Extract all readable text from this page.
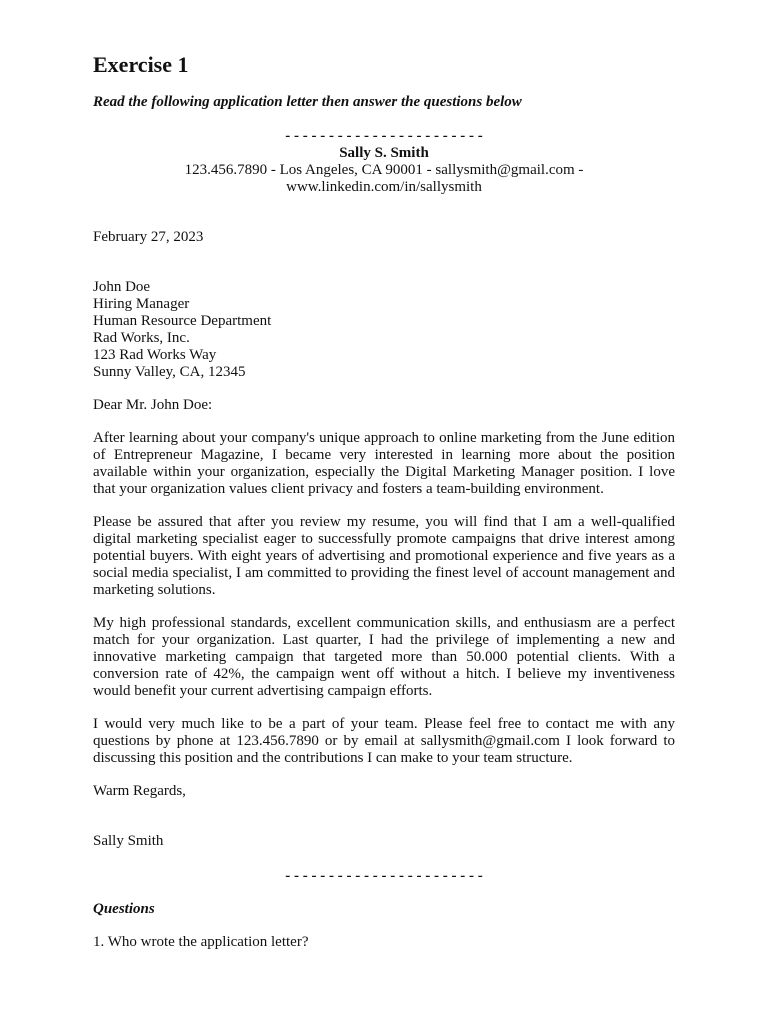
Exercise 1

Read the following application letter then answer the questions below

- - - - - - - - - - - - - - - - - - - - - - -
Sally S. Smith
123.456.7890 - Los Angeles, CA 90001 - sallysmith@gmail.com -
www.linkedin.com/in/sallysmith

February 27, 2023

John Doe
Hiring Manager
Human Resource Department
Rad Works, Inc.
123 Rad Works Way
Sunny Valley, CA, 12345

Dear Mr. John Doe:

After learning about your company's unique approach to online marketing from the June edition of Entrepreneur Magazine, I became very interested in learning more about the position available within your organization, especially the Digital Marketing Manager position. I love that your organization values client privacy and fosters a team-building environment.

Please be assured that after you review my resume, you will find that I am a well-qualified digital marketing specialist eager to successfully promote campaigns that drive interest among potential buyers. With eight years of advertising and promotional experience and five years as a social media specialist, I am committed to providing the finest level of account management and marketing solutions.

My high professional standards, excellent communication skills, and enthusiasm are a perfect match for your organization. Last quarter, I had the privilege of implementing a new and innovative marketing campaign that targeted more than 50.000 potential clients. With a conversion rate of 42%, the campaign went off without a hitch. I believe my inventiveness would benefit your current advertising campaign efforts.

I would very much like to be a part of your team. Please feel free to contact me with any questions by phone at 123.456.7890 or by email at sallysmith@gmail.com I look forward to discussing this position and the contributions I can make to your team structure.

Warm Regards,

Sally Smith

- - - - - - - - - - - - - - - - - - - - - - -

Questions

1. Who wrote the application letter?
